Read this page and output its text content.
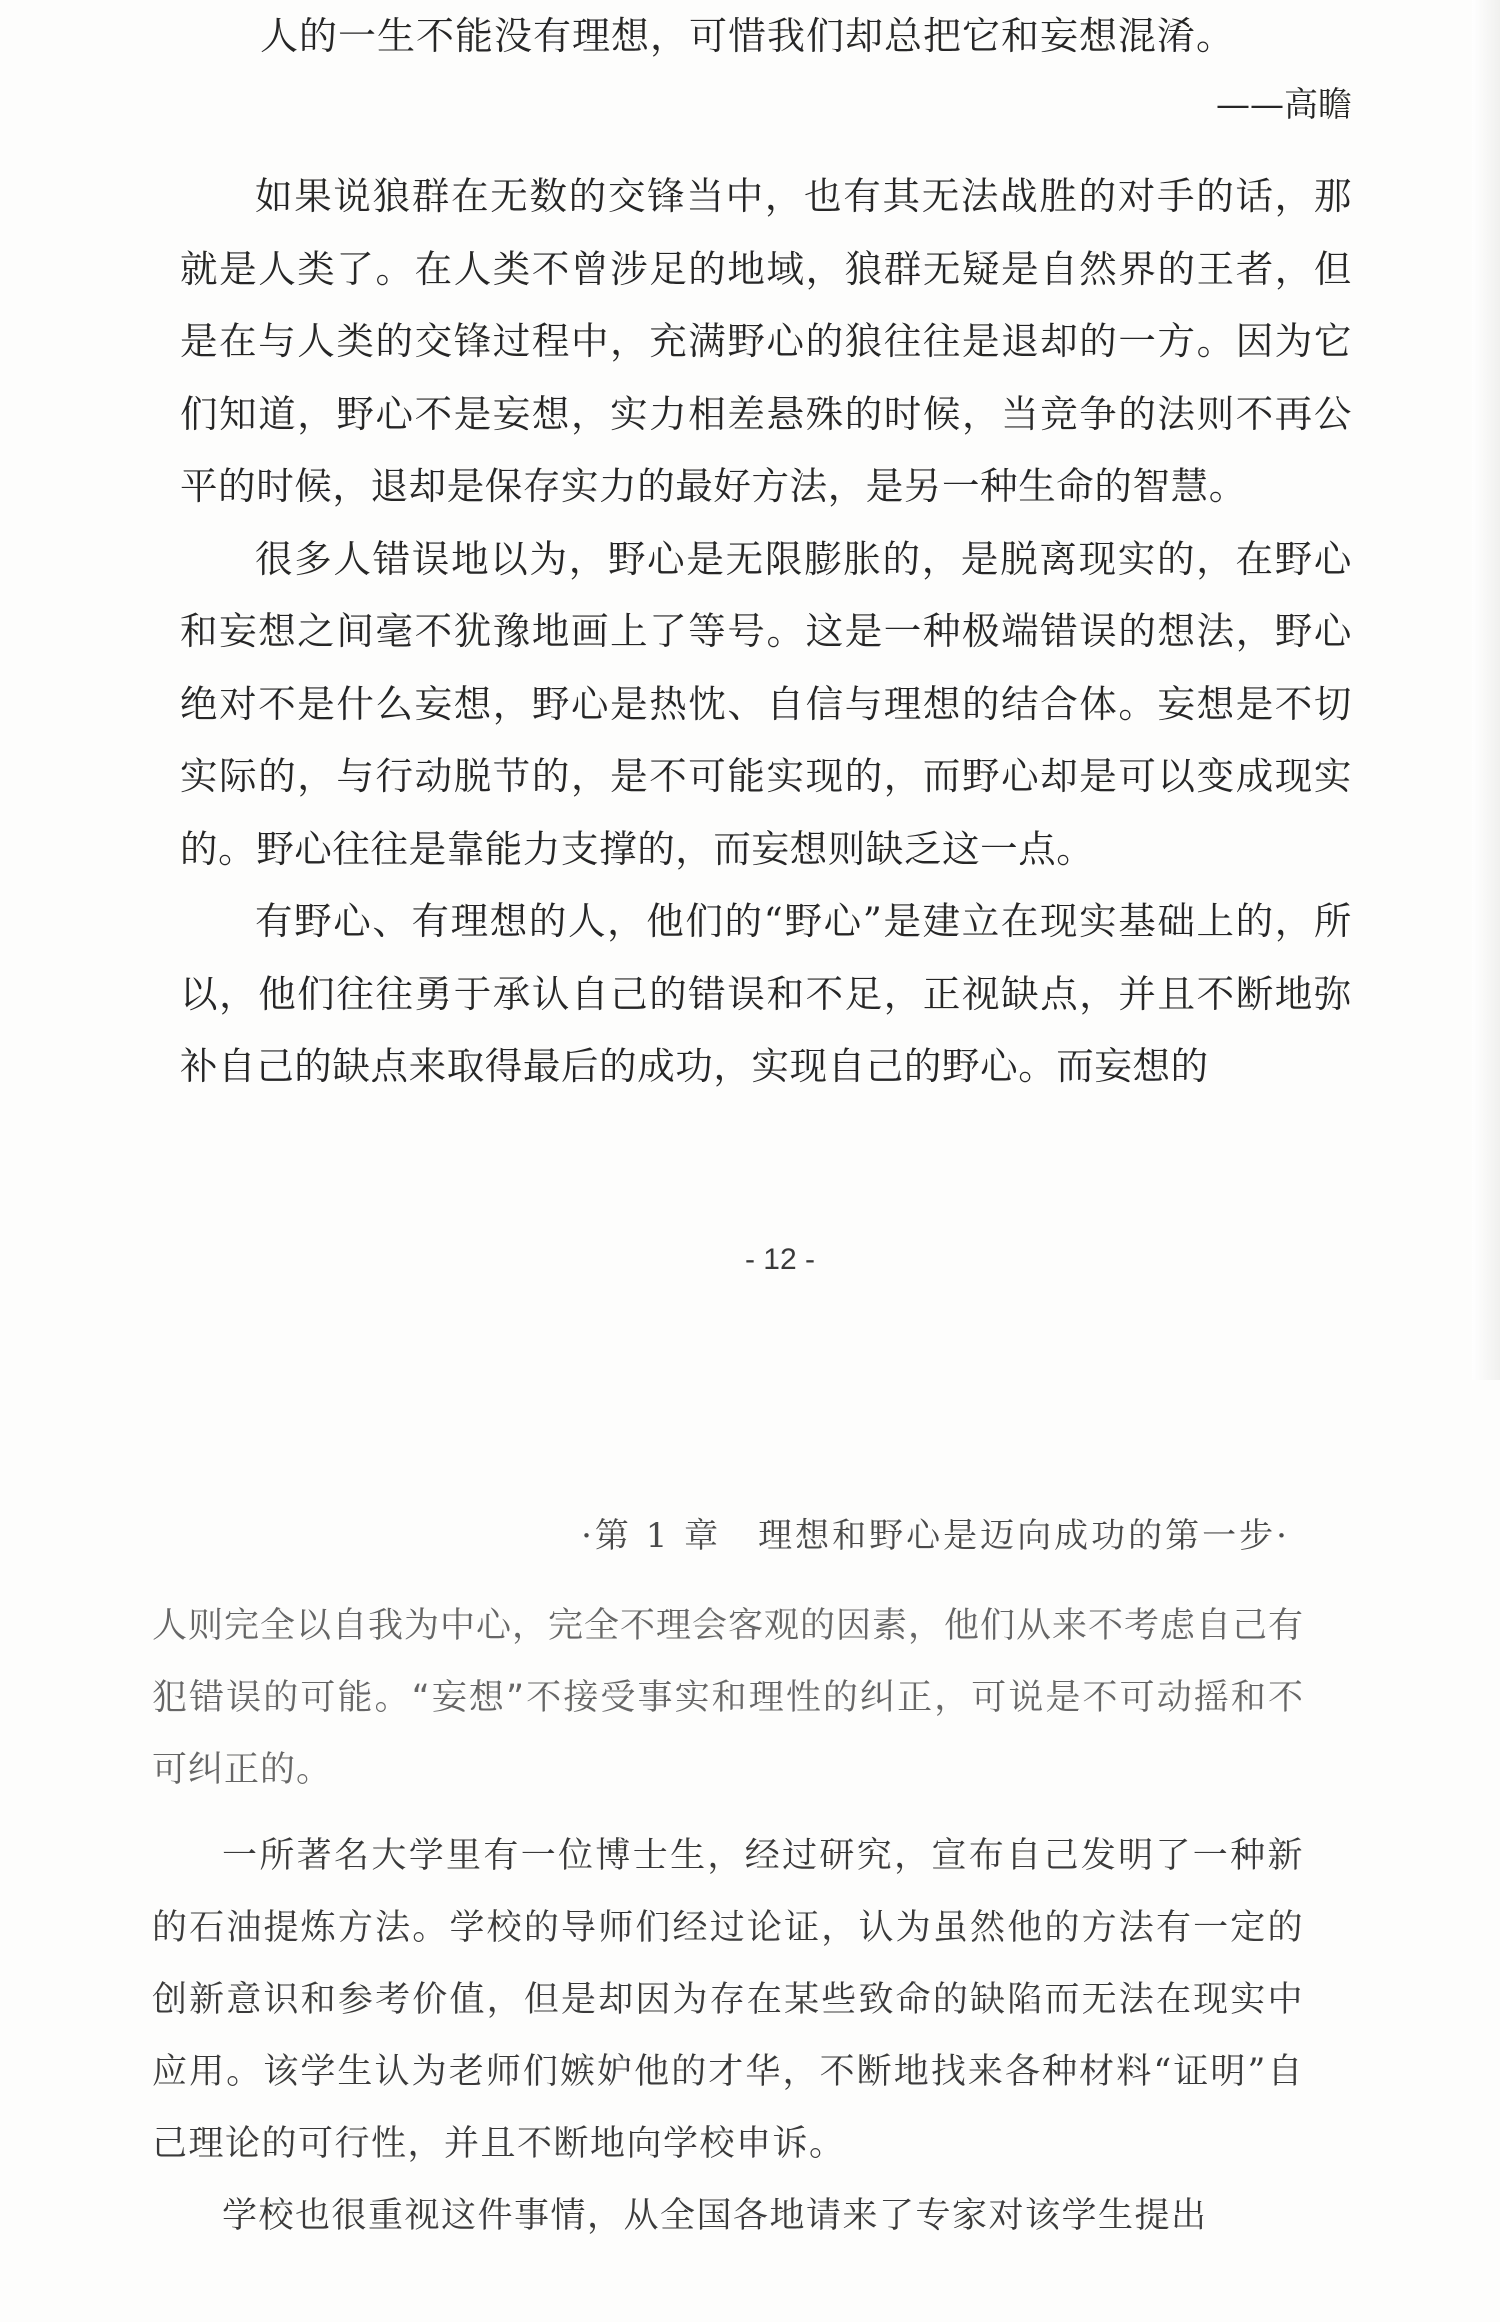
人的一生不能没有理想，可惜我们却总把它和妄想混淆。
——高瞻

如果说狼群在无数的交锋当中，也有其无法战胜的对手的话，那就是人类了。在人类不曾涉足的地域，狼群无疑是自然界的王者，但是在与人类的交锋过程中，充满野心的狼往往是退却的一方。因为它们知道，野心不是妄想，实力相差悬殊的时候，当竞争的法则不再公平的时候，退却是保存实力的最好方法，是另一种生命的智慧。

很多人错误地以为，野心是无限膨胀的，是脱离现实的，在野心和妄想之间毫不犹豫地画上了等号。这是一种极端错误的想法，野心绝对不是什么妄想，野心是热忱、自信与理想的结合体。妄想是不切实际的，与行动脱节的，是不可能实现的，而野心却是可以变成现实的。野心往往是靠能力支撑的，而妄想则缺乏这一点。

有野心、有理想的人，他们的“野心”是建立在现实基础上的，所以，他们往往勇于承认自己的错误和不足，正视缺点，并且不断地弥补自己的缺点来取得最后的成功，实现自己的野心。而妄想的

- 12 -
·第 1 章　理想和野心是迈向成功的第一步·

人则完全以自我为中心，完全不理会客观的因素，他们从来不考虑自己有犯错误的可能。“妄想”不接受事实和理性的纠正，可说是不可动摇和不可纠正的。

一所著名大学里有一位博士生，经过研究，宣布自己发明了一种新的石油提炼方法。学校的导师们经过论证，认为虽然他的方法有一定的创新意识和参考价值，但是却因为存在某些致命的缺陷而无法在现实中应用。该学生认为老师们嫉妒他的才华，不断地找来各种材料“证明”自己理论的可行性，并且不断地向学校申诉。

学校也很重视这件事情，从全国各地请来了专家对该学生提出
